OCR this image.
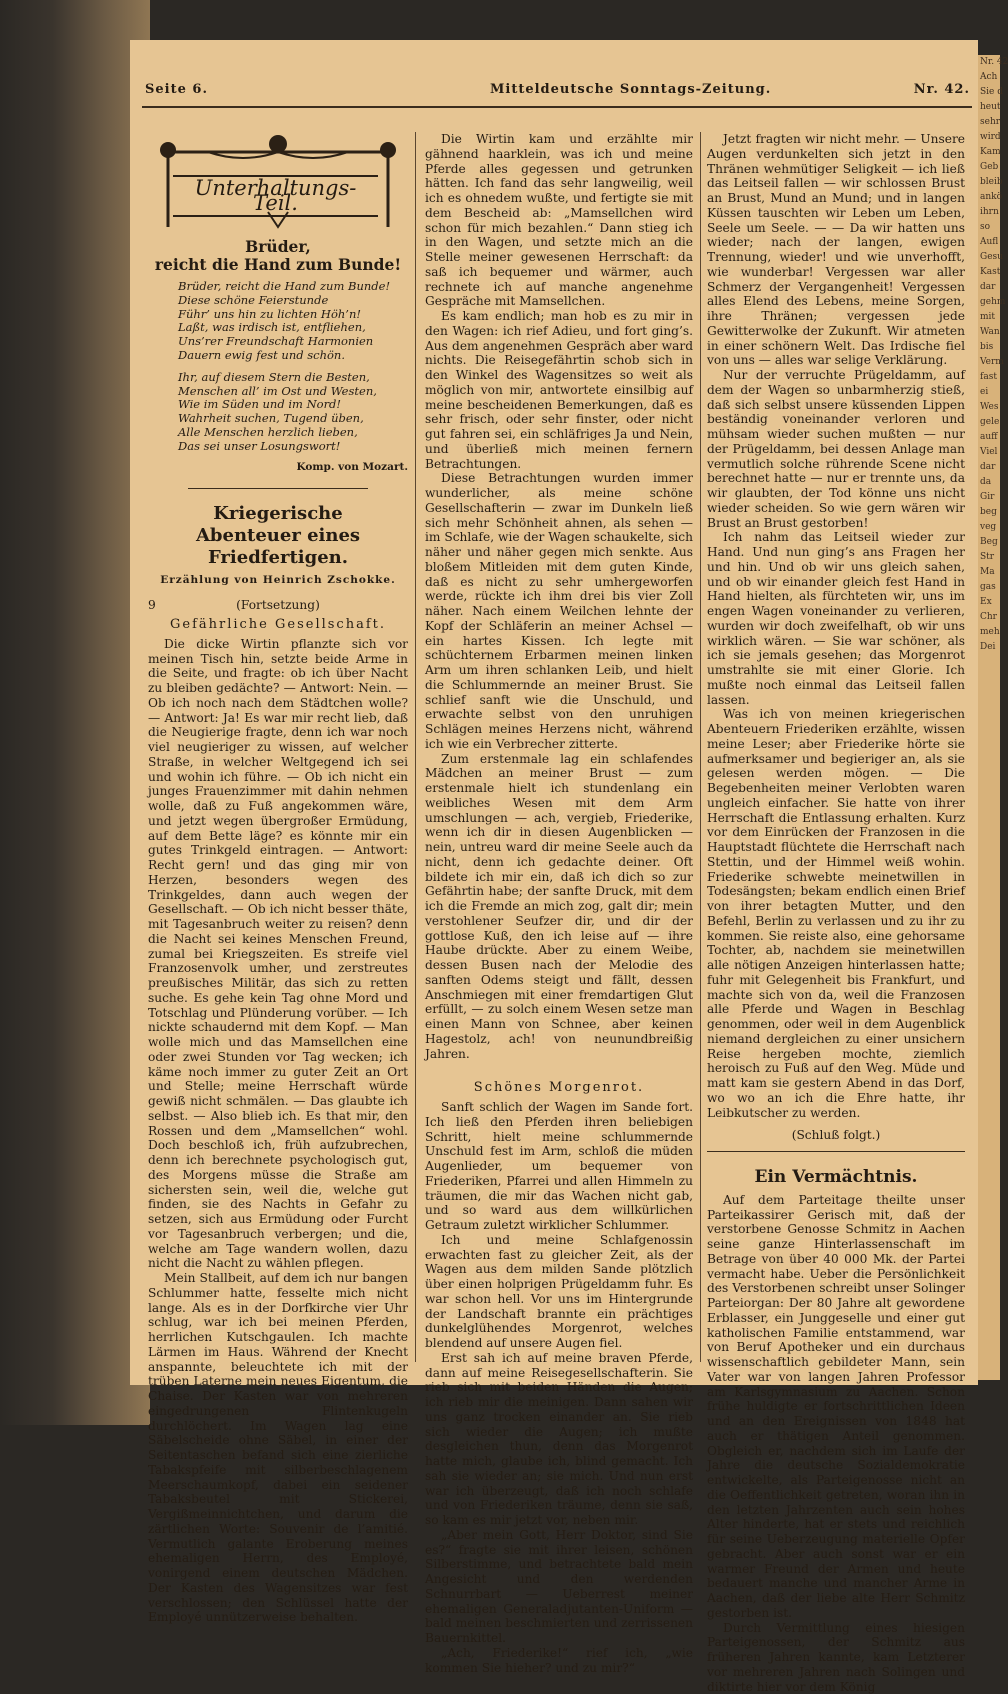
Seite 6.	Mitteldeutsche Sonntags-Zeitung.	Nr. 42.
Unterhaltungs-Teil.
Brüder,
reicht die Hand zum Bunde!
Brüder, reicht die Hand zum Bunde!
Diese schöne Feierstunde
Führ’ uns hin zu lichten Höh’n!
Laßt, was irdisch ist, entfliehen,
Uns’rer Freundschaft Harmonien
Dauern ewig fest und schön.
Ihr, auf diesem Stern die Besten,
Menschen all’ im Ost und Westen,
Wie im Süden und im Nord!
Wahrheit suchen, Tugend üben,
Alle Menschen herzlich lieben,
Das sei unser Losungswort!
Komp. von Mozart.
Kriegerische
Abenteuer eines Friedfertigen.
Erzählung von Heinrich Zschokke.
9	(Fortsetzung)
Gefährliche Gesellschaft.

Die dicke Wirtin pflanzte sich vor meinen Tisch hin, setzte beide Arme in die Seite, und fragte: ob ich über Nacht zu bleiben gedächte? — Antwort: Nein. — Ob ich noch nach dem Städtchen wolle? — Antwort: Ja! Es war mir recht lieb, daß die Neugierige fragte, denn ich war noch viel neugieriger zu wissen, auf welcher Straße, in welcher Weltgegend ich sei und wohin ich führe. — Ob ich nicht ein junges Frauenzimmer mit dahin nehmen wolle, daß zu Fuß angekommen wäre, und jetzt wegen übergroßer Ermüdung, auf dem Bette läge? es könnte mir ein gutes Trinkgeld eintragen. — Antwort: Recht gern! und das ging mir von Herzen, besonders wegen des Trinkgeldes, dann auch wegen der Gesellschaft. — Ob ich nicht besser thäte, mit Tagesanbruch weiter zu reisen? denn die Nacht sei keines Menschen Freund, zumal bei Kriegszeiten. Es streife viel Franzosenvolk umher, und zerstreutes preußisches Militär, das sich zu retten suche. Es gehe kein Tag ohne Mord und Totschlag und Plünderung vorüber. — Ich nickte schaudernd mit dem Kopf. — Man wolle mich und das Mamsellchen eine oder zwei Stunden vor Tag wecken; ich käme noch immer zu guter Zeit an Ort und Stelle; meine Herrschaft würde gewiß nicht schmälen. — Das glaubte ich selbst. — Also blieb ich. Es that mir, den Rossen und dem „Mamsellchen“ wohl. Doch beschloß ich, früh aufzubrechen, denn ich berechnete psychologisch gut, des Morgens müsse die Straße am sichersten sein, weil die, welche gut finden, sie des Nachts in Gefahr zu setzen, sich aus Ermüdung oder Furcht vor Tagesanbruch verbergen; und die, welche am Tage wandern wollen, dazu nicht die Nacht zu wählen pflegen.

Mein Stallbeit, auf dem ich nur bangen Schlummer hatte, fesselte mich nicht lange. Als es in der Dorfkirche vier Uhr schlug, war ich bei meinen Pferden, herrlichen Kutschgaulen. Ich machte Lärmen im Haus. Während der Knecht anspannte, beleuchtete ich mit der trüben Laterne mein neues Eigentum, die Chaise. Der Kasten war von mehreren eingedrungenen Flintenkugeln durchlöchert. Im Wagen lag eine Säbelscheide ohne Säbel, in einer der Seitentaschen befand sich eine zierliche Tabakspfeife mit silberbeschlagenem Meerschaumkopf, dabei ein seidener Tabaksbeutel mit Stickerei, Vergißmeinnichtchen, und darum die zärtlichen Worte: Souvenir de l’amitié. Vermutlich galante Eroberung meines ehemaligen Herrn, des Employé, vonirgend einem deutschen Mädchen. Der Kasten des Wagensitzes war fest verschlossen; den Schlüssel hatte der Employé unnützerweise behalten.

Die Wirtin kam und erzählte mir gähnend haarklein, was ich und meine Pferde alles gegessen und getrunken hätten. Ich fand das sehr langweilig, weil ich es ohnedem wußte, und fertigte sie mit dem Bescheid ab: „Mamsellchen wird schon für mich bezahlen.“ Dann stieg ich in den Wagen, und setzte mich an die Stelle meiner gewesenen Herrschaft: da saß ich bequemer und wärmer, auch rechnete ich auf manche angenehme Gespräche mit Mamsellchen.

Es kam endlich; man hob es zu mir in den Wagen: ich rief Adieu, und fort ging’s. Aus dem angenehmen Gespräch aber ward nichts. Die Reisegefährtin schob sich in den Winkel des Wagensitzes so weit als möglich von mir, antwortete einsilbig auf meine bescheidenen Bemerkungen, daß es sehr frisch, oder sehr finster, oder nicht gut fahren sei, ein schläfriges Ja und Nein, und überließ mich meinen fernern Betrachtungen.

Diese Betrachtungen wurden immer wunderlicher, als meine schöne Gesellschafterin — zwar im Dunkeln ließ sich mehr Schönheit ahnen, als sehen — im Schlafe, wie der Wagen schaukelte, sich näher und näher gegen mich senkte. Aus bloßem Mitleiden mit dem guten Kinde, daß es nicht zu sehr umhergeworfen werde, rückte ich ihm drei bis vier Zoll näher. Nach einem Weilchen lehnte der Kopf der Schläferin an meiner Achsel — ein hartes Kissen. Ich legte mit schüchternem Erbarmen meinen linken Arm um ihren schlanken Leib, und hielt die Schlummernde an meiner Brust. Sie schlief sanft wie die Unschuld, und erwachte selbst von den unruhigen Schlägen meines Herzens nicht, während ich wie ein Verbrecher zitterte.

Zum erstenmale lag ein schlafendes Mädchen an meiner Brust — zum erstenmale hielt ich stundenlang ein weibliches Wesen mit dem Arm umschlungen — ach, vergieb, Friederike, wenn ich dir in diesen Augenblicken — nein, untreu ward dir meine Seele auch da nicht, denn ich gedachte deiner. Oft bildete ich mir ein, daß ich dich so zur Gefährtin habe; der sanfte Druck, mit dem ich die Fremde an mich zog, galt dir; mein verstohlener Seufzer dir, und dir der gottlose Kuß, den ich leise auf — ihre Haube drückte. Aber zu einem Weibe, dessen Busen nach der Melodie des sanften Odems steigt und fällt, dessen Anschmiegen mit einer fremdartigen Glut erfüllt, — zu solch einem Wesen setze man einen Mann von Schnee, aber keinen Hagestolz, ach! von neunundbreißig Jahren.

Schönes Morgenrot.

Sanft schlich der Wagen im Sande fort. Ich ließ den Pferden ihren beliebigen Schritt, hielt meine schlummernde Unschuld fest im Arm, schloß die müden Augenlieder, um bequemer von Friederiken, Pfarrei und allen Himmeln zu träumen, die mir das Wachen nicht gab, und so ward aus dem willkürlichen Getraum zuletzt wirklicher Schlummer.

Ich und meine Schlafgenossin erwachten fast zu gleicher Zeit, als der Wagen aus dem milden Sande plötzlich über einen holprigen Prügeldamm fuhr. Es war schon hell. Vor uns im Hintergrunde der Landschaft brannte ein prächtiges dunkelglühendes Morgenrot, welches blendend auf unsere Augen fiel.

Erst sah ich auf meine braven Pferde, dann auf meine Reisegesellschafterin. Sie rieb sich mit beiden Händen die Augen; ich rieb mir die meinigen. Dann sahen wir uns ganz trocken einander an. Sie rieb sich wieder die Augen; ich mußte desgleichen thun, denn das Morgenrot hatte mich, glaube ich, blind gemacht. Ich sah sie wieder an; sie mich. Und nun erst war ich überzeugt, daß ich noch schlafe und von Friederiken träume, denn sie saß, so kam es mir jetzt vor, neben mir.

„Aber mein Gott, Herr Doktor, sind Sie es?“ fragte sie mit ihrer leisen, schönen Silberstimme, und betrachtete bald mein Angesicht und den werdenden Schnurrbart — Ueberrest meiner ehemaligen Generaladjutanten-Uniform — bald meinen beschmierten und zerrissenen Bauernkittel.

„Ach, Friederike!“ rief ich, „wie kommen Sie hieher? und zu mir?“

Jetzt fragten wir nicht mehr. — Unsere Augen verdunkelten sich jetzt in den Thränen wehmütiger Seligkeit — ich ließ das Leitseil fallen — wir schlossen Brust an Brust, Mund an Mund; und in langen Küssen tauschten wir Leben um Leben, Seele um Seele. — — Da wir hatten uns wieder; nach der langen, ewigen Trennung, wieder! und wie unverhofft, wie wunderbar! Vergessen war aller Schmerz der Vergangenheit! Vergessen alles Elend des Lebens, meine Sorgen, ihre Thränen; vergessen jede Gewitterwolke der Zukunft. Wir atmeten in einer schönern Welt. Das Irdische fiel von uns — alles war selige Verklärung.

Nur der verruchte Prügeldamm, auf dem der Wagen so unbarmherzig stieß, daß sich selbst unsere küssenden Lippen beständig voneinander verloren und mühsam wieder suchen mußten — nur der Prügeldamm, bei dessen Anlage man vermutlich solche rührende Scene nicht berechnet hatte — nur er trennte uns, da wir glaubten, der Tod könne uns nicht wieder scheiden. So wie gern wären wir Brust an Brust gestorben!

Ich nahm das Leitseil wieder zur Hand. Und nun ging’s ans Fragen her und hin. Und ob wir uns gleich sahen, und ob wir einander gleich fest Hand in Hand hielten, als fürchteten wir, uns im engen Wagen voneinander zu verlieren, wurden wir doch zweifelhaft, ob wir uns wirklich wären. — Sie war schöner, als ich sie jemals gesehen; das Morgenrot umstrahlte sie mit einer Glorie. Ich mußte noch einmal das Leitseil fallen lassen.

Was ich von meinen kriegerischen Abenteuern Friederiken erzählte, wissen meine Leser; aber Friederike hörte sie aufmerksamer und begieriger an, als sie gelesen werden mögen. — Die Begebenheiten meiner Verlobten waren ungleich einfacher. Sie hatte von ihrer Herrschaft die Entlassung erhalten. Kurz vor dem Einrücken der Franzosen in die Hauptstadt flüchtete die Herrschaft nach Stettin, und der Himmel weiß wohin. Friederike schwebte meinetwillen in Todesängsten; bekam endlich einen Brief von ihrer betagten Mutter, und den Befehl, Berlin zu verlassen und zu ihr zu kommen. Sie reiste also, eine gehorsame Tochter, ab, nachdem sie meinetwillen alle nötigen Anzeigen hinterlassen hatte; fuhr mit Gelegenheit bis Frankfurt, und machte sich von da, weil die Franzosen alle Pferde und Wagen in Beschlag genommen, oder weil in dem Augenblick niemand dergleichen zu einer unsichern Reise hergeben mochte, ziemlich heroisch zu Fuß auf den Weg. Müde und matt kam sie gestern Abend in das Dorf, wo wo an ich die Ehre hatte, ihr Leibkutscher zu werden.

(Schluß folgt.)
Ein Vermächtnis.

Auf dem Parteitage theilte unser Parteikassirer Gerisch mit, daß der verstorbene Genosse Schmitz in Aachen seine ganze Hinterlassenschaft im Betrage von über 40 000 Mk. der Partei vermacht habe. Ueber die Persönlichkeit des Verstorbenen schreibt unser Solinger Parteiorgan: Der 80 Jahre alt gewordene Erblasser, ein Junggeselle und einer gut katholischen Familie entstammend, war von Beruf Apotheker und ein durchaus wissenschaftlich gebildeter Mann, sein Vater war von langen Jahren Professor am Karlsgymnasium zu Aachen. Schon frühe huldigte er fortschrittlichen Ideen und an den Ereignissen von 1848 hat auch er thätigen Anteil genommen. Obgleich er, nachdem sich im Laufe der Jahre die deutsche Sozialdemokratie entwickelte, als Parteigenosse nicht an die Oeffentlichkeit getreten, woran ihn in den letzten Jahrzenten auch sein hohes Alter hinderte, hat er stets und reichlich für seine Ueberzeugung materielle Opfer gebracht. Aber auch sonst war er ein warmer Freund der Armen und heute bedauert manche und mancher Arme in Aachen, daß der liebe alte Herr Schmitz gestorben ist.

Durch Vermittlung eines hiesigen Parteigenossen, der Schmitz aus früheren Jahren kannte, kam Letzterer vor mehreren Jahren nach Solingen und diktirte hier vor dem König

Nr. 42
Ach
Sie d
heut
sehr
wird
Kam
Geb
bleib
ankö
ihrn
so
Aufl
Gesu
Kast
dar
gehm
mit
Wan
bis
Verm
fast
ei
Wes
gele
auff
Viel
dar
da
Gir
beg
veg
Beg
Str
Ma
gas
Ex
Chr
meh
Dei
